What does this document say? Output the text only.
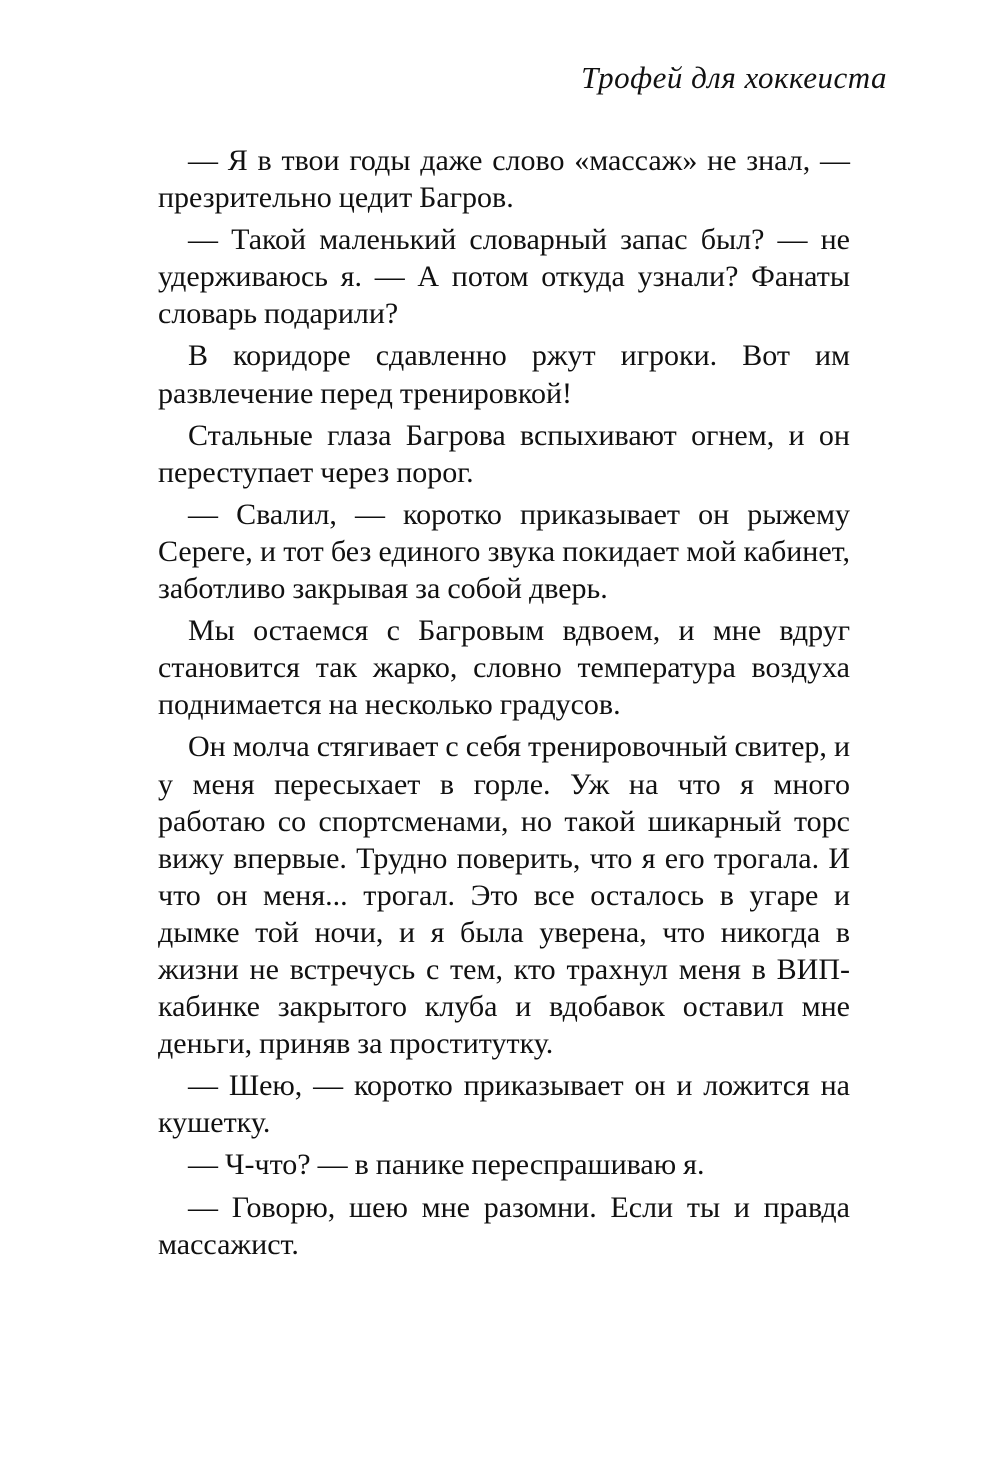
Трофей для хоккеиста

— Я в твои годы даже слово «массаж» не знал, — презрительно цедит Багров.

— Такой маленький словарный запас был? — не удерживаюсь я. — А потом откуда узнали? Фанаты словарь подарили?

В коридоре сдавленно ржут игроки. Вот им развлечение перед тренировкой!

Стальные глаза Багрова вспыхивают огнем, и он переступает через порог.

— Свалил, — коротко приказывает он рыжему Сереге, и тот без единого звука покидает мой кабинет, заботливо закрывая за собой дверь.

Мы остаемся с Багровым вдвоем, и мне вдруг становится так жарко, словно температура воздуха поднимается на несколько градусов.

Он молча стягивает с себя тренировочный свитер, и у меня пересыхает в горле. Уж на что я много работаю со спортсменами, но такой шикарный торс вижу впервые. Трудно поверить, что я его трогала. И что он меня... трогал. Это все осталось в угаре и дымке той ночи, и я была уверена, что никогда в жизни не встречусь с тем, кто трахнул меня в ВИП-кабинке закрытого клуба и вдобавок оставил мне деньги, приняв за проститутку.

— Шею, — коротко приказывает он и ложится на кушетку.

— Ч-что? — в панике переспрашиваю я.

— Говорю, шею мне разомни. Если ты и правда массажист.
